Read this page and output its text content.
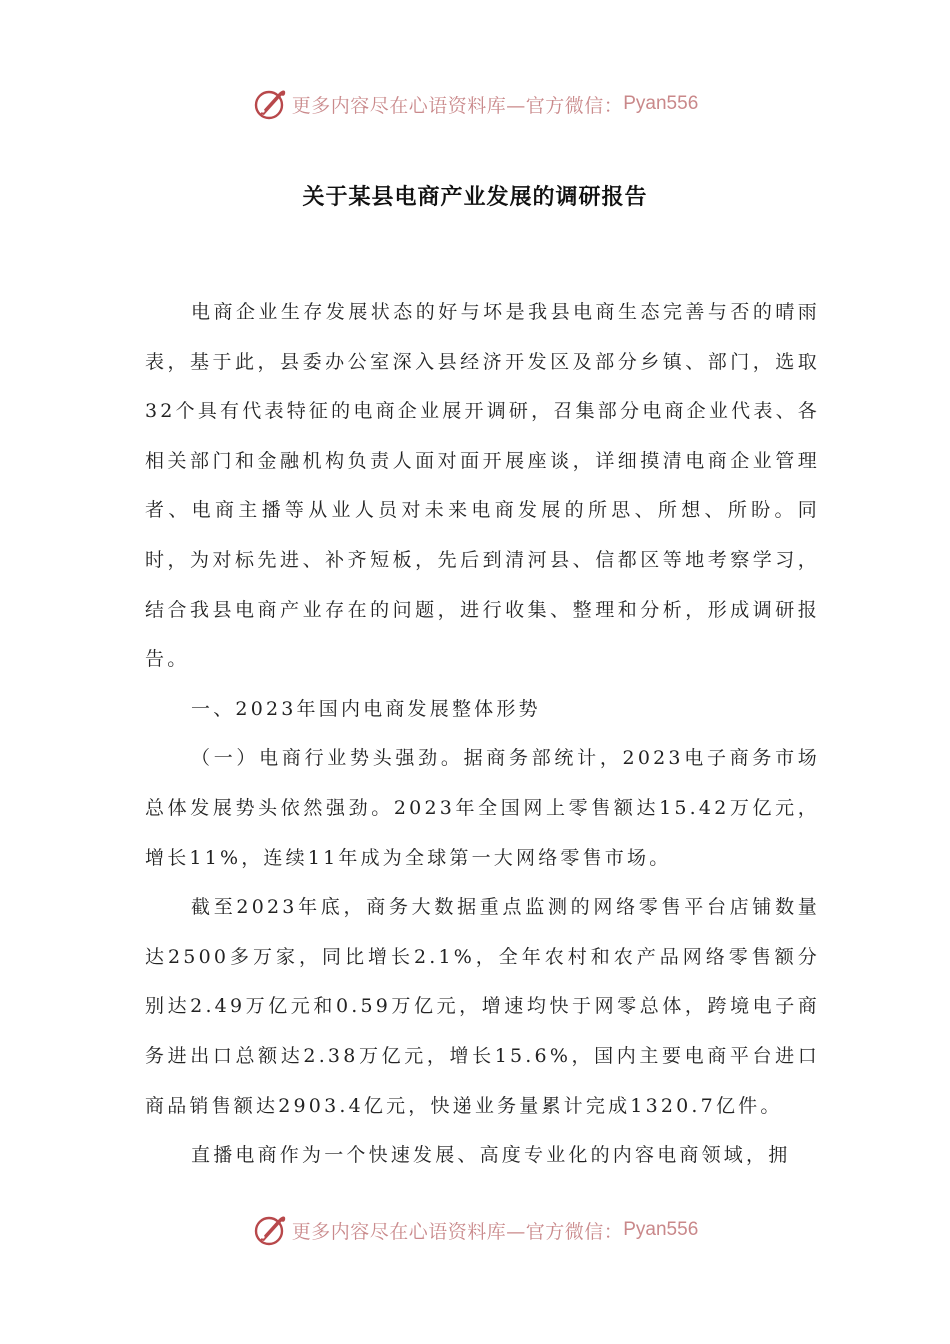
更多内容尽在心语资料库—官方微信： Pyan556
关于某县电商产业发展的调研报告

电商企业生存发展状态的好与坏是我县电商生态完善与否的晴雨表，基于此，县委办公室深入县经济开发区及部分乡镇、部门，选取32个具有代表特征的电商企业展开调研，召集部分电商企业代表、各相关部门和金融机构负责人面对面开展座谈，详细摸清电商企业管理者、电商主播等从业人员对未来电商发展的所思、所想、所盼。同时，为对标先进、补齐短板，先后到清河县、信都区等地考察学习，结合我县电商产业存在的问题，进行收集、整理和分析，形成调研报告。

一、2023年国内电商发展整体形势

（一）电商行业势头强劲。据商务部统计，2023电子商务市场总体发展势头依然强劲。2023年全国网上零售额达15.42万亿元，增长11%，连续11年成为全球第一大网络零售市场。

截至2023年底，商务大数据重点监测的网络零售平台店铺数量达2500多万家，同比增长2.1%，全年农村和农产品网络零售额分别达2.49万亿元和0.59万亿元，增速均快于网零总体，跨境电子商务进出口总额达2.38万亿元，增长15.6%，国内主要电商平台进口商品销售额达2903.4亿元，快递业务量累计完成1320.7亿件。

直播电商作为一个快速发展、高度专业化的内容电商领域，拥

更多内容尽在心语资料库—官方微信： Pyan556
